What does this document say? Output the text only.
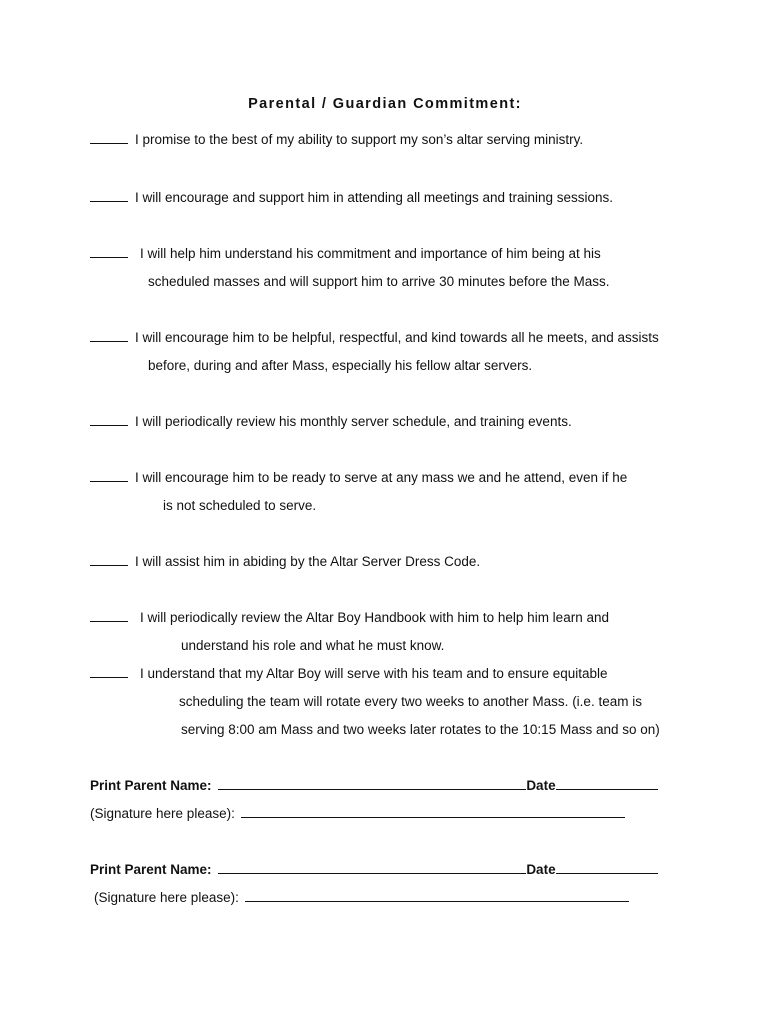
Parental / Guardian Commitment:
I promise to the best of my ability to support my son’s altar serving ministry.
I will encourage and support him in attending all meetings and training sessions.
I will help him understand his commitment and importance of him being at his
scheduled masses and will support him to arrive 30 minutes before the Mass.
I will encourage him to be helpful, respectful, and kind towards all he meets, and assists
before, during and after Mass, especially his fellow altar servers.
I will periodically review his monthly server schedule, and training events.
I will encourage him to be ready to serve at any mass we and he attend, even if he
is not scheduled to serve.
I will assist him in abiding by the Altar Server Dress Code.
I will periodically review the Altar Boy Handbook with him to help him learn and
understand his role and what he must know.
I understand that my Altar Boy will serve with his team and to ensure equitable
scheduling the team will rotate every two weeks to another Mass. (i.e. team is
serving 8:00 am Mass and two weeks later rotates to the 10:15 Mass and so on)
Print Parent Name:	Date
(Signature here please):
Print Parent Name:	Date
(Signature here please):
